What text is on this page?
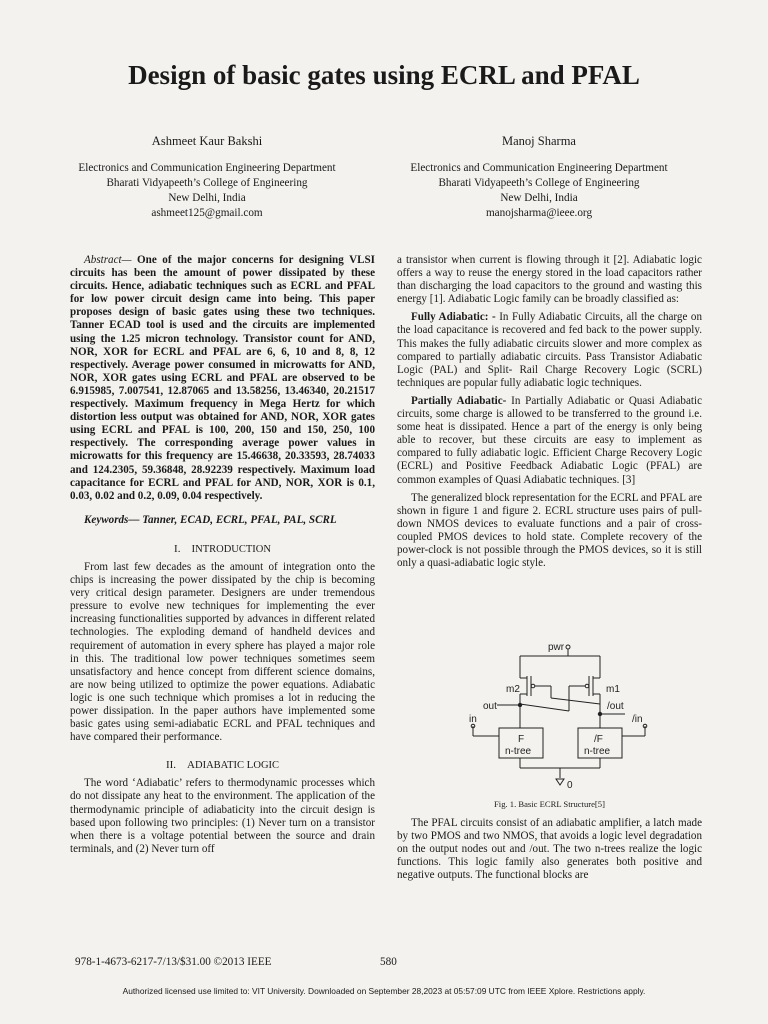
Design of basic gates using ECRL and PFAL
Ashmeet Kaur Bakshi
Electronics and Communication Engineering Department
Bharati Vidyapeeth’s College of Engineering
New Delhi, India
ashmeet125@gmail.com
Manoj Sharma
Electronics and Communication Engineering Department
Bharati Vidyapeeth’s College of Engineering
New Delhi, India
manojsharma@ieee.org

Abstract— One of the major concerns for designing VLSI circuits has been the amount of power dissipated by these circuits. Hence, adiabatic techniques such as ECRL and PFAL for low power circuit design came into being. This paper proposes design of basic gates using these two techniques. Tanner ECAD tool is used and the circuits are implemented using the 1.25 micron technology. Transistor count for AND, NOR, XOR for ECRL and PFAL are 6, 6, 10 and 8, 8, 12 respectively. Average power consumed in microwatts for AND, NOR, XOR gates using ECRL and PFAL are observed to be 6.915985, 7.007541, 12.87065 and 13.58256, 13.46340, 20.21517 respectively. Maximum frequency in Mega Hertz for which distortion less output was obtained for AND, NOR, XOR gates using ECRL and PFAL is 100, 200, 150 and 150, 250, 100 respectively. The corresponding average power values in microwatts for this frequency are 15.46638, 20.33593, 28.74033 and 124.2305, 59.36848, 28.92239 respectively. Maximum load capacitance for ECRL and PFAL for AND, NOR, XOR is 0.1, 0.03, 0.02 and 0.2, 0.09, 0.04 respectively.

Keywords— Tanner, ECAD, ECRL, PFAL, PAL, SCRL

I. INTRODUCTION

From last few decades as the amount of integration onto the chips is increasing the power dissipated by the chip is becoming very critical design parameter. Designers are under tremendous pressure to evolve new techniques for implementing the ever increasing functionalities supported by advances in different related technologies. The exploding demand of handheld devices and requirement of automation in every sphere has played a major role in this. The traditional low power techniques sometimes seem unsatisfactory and hence concept from different science domains, are now being utilized to optimize the power equations. Adiabatic logic is one such technique which promises a lot in reducing the power dissipation. In the paper authors have implemented some basic gates using semi-adiabatic ECRL and PFAL techniques and have compared their performance.

II. ADIABATIC LOGIC

The word ‘Adiabatic’ refers to thermodynamic processes which do not dissipate any heat to the environment. The application of the thermodynamic principle of adiabaticity into the circuit design is based upon following two principles: (1) Never turn on a transistor when there is a voltage potential between the source and drain terminals, and (2) Never turn off

a transistor when current is flowing through it [2]. Adiabatic logic offers a way to reuse the energy stored in the load capacitors rather than discharging the load capacitors to the ground and wasting this energy [1]. Adiabatic Logic family can be broadly classified as:

Fully Adiabatic: - In Fully Adiabatic Circuits, all the charge on the load capacitance is recovered and fed back to the power supply. This makes the fully adiabatic circuits slower and more complex as compared to partially adiabatic circuits. Pass Transistor Adiabatic Logic (PAL) and Split- Rail Charge Recovery Logic (SCRL) techniques are popular fully adiabatic logic techniques.

Partially Adiabatic- In Partially Adiabatic or Quasi Adiabatic circuits, some charge is allowed to be transferred to the ground i.e. some heat is dissipated. Hence a part of the energy is only being able to recover, but these circuits are easy to implement as compared to fully adiabatic logic. Efficient Charge Recovery Logic (ECRL) and Positive Feedback Adiabatic Logic (PFAL) are common examples of Quasi Adiabatic techniques. [3]

The generalized block representation for the ECRL and PFAL are shown in figure 1 and figure 2. ECRL structure uses pairs of pull-down NMOS devices to evaluate functions and a pair of cross-coupled PMOS devices to hold state. Complete recovery of the power-clock is not possible through the PMOS devices, so it is still only a quasi-adiabatic logic style.

pwr
m2	m1
out	/out
in	/in
F
n-tree
/F
n-tree
0
Fig. 1. Basic ECRL Structure[5]

The PFAL circuits consist of an adiabatic amplifier, a latch made by two PMOS and two NMOS, that avoids a logic level degradation on the output nodes out and /out. The two n-trees realize the logic functions. This logic family also generates both positive and negative outputs. The functional blocks are

978-1-4673-6217-7/13/$31.00 ©2013 IEEE	580
Authorized licensed use limited to: VIT University. Downloaded on September 28,2023 at 05:57:09 UTC from IEEE Xplore. Restrictions apply.
